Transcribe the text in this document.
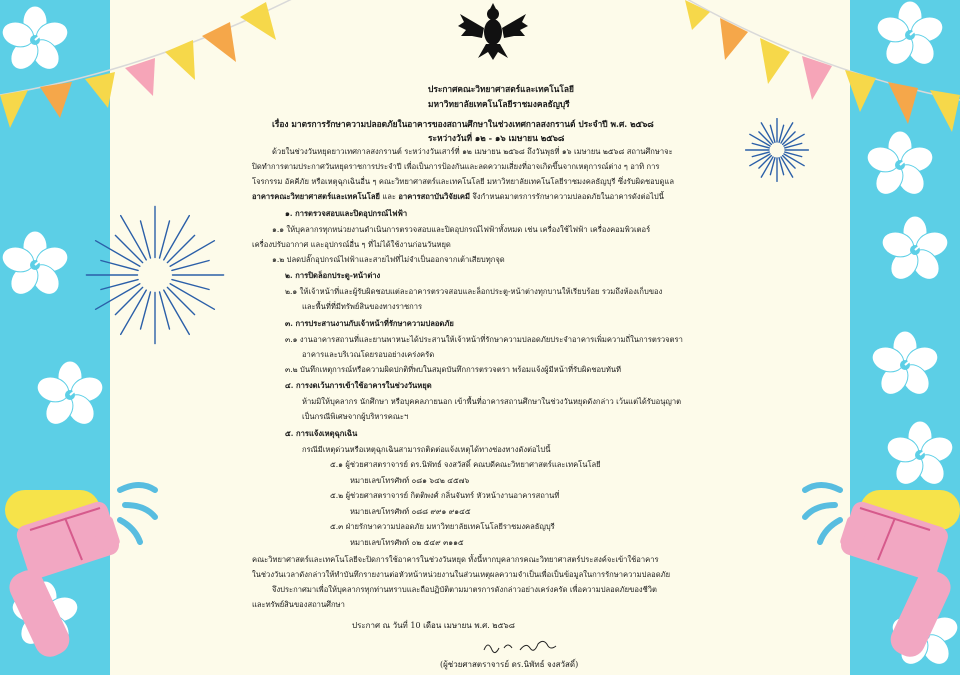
ประกาศคณะวิทยาศาสตร์และเทคโนโลยี
มหาวิทยาลัยเทคโนโลยีราชมงคลธัญบุรี
เรื่อง มาตรการรักษาความปลอดภัยในอาคารของสถานศึกษาในช่วงเทศกาลสงกรานต์ ประจำปี พ.ศ. ๒๕๖๘
ระหว่างวันที่ ๑๒ - ๑๖ เมษายน ๒๕๖๘
ด้วยในช่วงวันหยุดยาวเทศกาลสงกรานต์ ระหว่างวันเสาร์ที่ ๑๒ เมษายน ๒๕๖๘ ถึงวันพุธที่ ๑๖ เมษายน ๒๕๖๘ สถานศึกษาจะ
ปิดทำการตามประกาศวันหยุดราชการประจำปี เพื่อเป็นการป้องกันและลดความเสี่ยงที่อาจเกิดขึ้นจากเหตุการณ์ต่าง ๆ อาทิ การ
โจรกรรม อัคคีภัย หรือเหตุฉุกเฉินอื่น ๆ คณะวิทยาศาสตร์และเทคโนโลยี มหาวิทยาลัยเทคโนโลยีราชมงคลธัญบุรี ซึ่งรับผิดชอบดูแล
อาคารคณะวิทยาศาสตร์และเทคโนโลยี และ อาคารสถาบันวิจัยเคมี จึงกำหนดมาตรการรักษาความปลอดภัยในอาคารดังต่อไปนี้
๑. การตรวจสอบและปิดอุปกรณ์ไฟฟ้า
๑.๑ ให้บุคลากรทุกหน่วยงานดำเนินการตรวจสอบและปิดอุปกรณ์ไฟฟ้าทั้งหมด เช่น เครื่องใช้ไฟฟ้า เครื่องคอมพิวเตอร์
เครื่องปรับอากาศ และอุปกรณ์อื่น ๆ ที่ไม่ได้ใช้งานก่อนวันหยุด
๑.๒ ปลดปลั๊กอุปกรณ์ไฟฟ้าและสายไฟที่ไม่จำเป็นออกจากเต้าเสียบทุกจุด
๒. การปิดล็อกประตู-หน้าต่าง
๒.๑ ให้เจ้าหน้าที่และผู้รับผิดชอบแต่ละอาคารตรวจสอบและล็อกประตู-หน้าต่างทุกบานให้เรียบร้อย รวมถึงห้องเก็บของ
และพื้นที่ที่มีทรัพย์สินของทางราชการ
๓. การประสานงานกับเจ้าหน้าที่รักษาความปลอดภัย
๓.๑ งานอาคารสถานที่และยานพาหนะได้ประสานให้เจ้าหน้าที่รักษาความปลอดภัยประจำอาคารเพิ่มความถี่ในการตรวจตรา
อาคารและบริเวณโดยรอบอย่างเคร่งครัด
๓.๒ บันทึกเหตุการณ์หรือความผิดปกติที่พบในสมุดบันทึกการตรวจตรา พร้อมแจ้งผู้มีหน้าที่รับผิดชอบทันที
๔. การงดเว้นการเข้าใช้อาคารในช่วงวันหยุด
ห้ามมิให้บุคลากร นักศึกษา หรือบุคคลภายนอก เข้าพื้นที่อาคารสถานศึกษาในช่วงวันหยุดดังกล่าว เว้นแต่ได้รับอนุญาต
เป็นกรณีพิเศษจากผู้บริหารคณะฯ
๕. การแจ้งเหตุฉุกเฉิน
กรณีมีเหตุด่วนหรือเหตุฉุกเฉินสามารถติดต่อแจ้งเหตุได้ทางช่องทางดังต่อไปนี้
๕.๑ ผู้ช่วยศาสตราจารย์ ดร.นิพัทธ์ จงสวัสดิ์ คณบดีคณะวิทยาศาสตร์และเทคโนโลยี
หมายเลขโทรศัพท์ ๐๘๑ ๖๔๒ ๔๕๗๖
๕.๒ ผู้ช่วยศาสตราจารย์ กิตติพงศ์ กลิ่นจันทร์ หัวหน้างานอาคารสถานที่
หมายเลขโทรศัพท์ ๐๘๘ ๙๙๑ ๙๑๔๕
๕.๓ ฝ่ายรักษาความปลอดภัย มหาวิทยาลัยเทคโนโลยีราชมงคลธัญบุรี
หมายเลขโทรศัพท์ ๐๒ ๕๔๙ ๓๑๑๕
คณะวิทยาศาสตร์และเทคโนโลยีจะปิดการใช้อาคารในช่วงวันหยุด ทั้งนี้หากบุคลากรคณะวิทยาศาสตร์ประสงค์จะเข้าใช้อาคาร
ในช่วงวันเวลาดังกล่าวให้ทำบันทึกรายงานต่อหัวหน้าหน่วยงานในส่วนเหตุผลความจำเป็นเพื่อเป็นข้อมูลในการรักษาความปลอดภัย
จึงประกาศมาเพื่อให้บุคลากรทุกท่านทราบและถือปฏิบัติตามมาตรการดังกล่าวอย่างเคร่งครัด เพื่อความปลอดภัยของชีวิต
และทรัพย์สินของสถานศึกษา
ประกาศ ณ วันที่ 10 เดือน เมษายน พ.ศ. ๒๕๖๘
(ผู้ช่วยศาสตราจารย์ ดร.นิพัทธ์ จงสวัสดิ์)
